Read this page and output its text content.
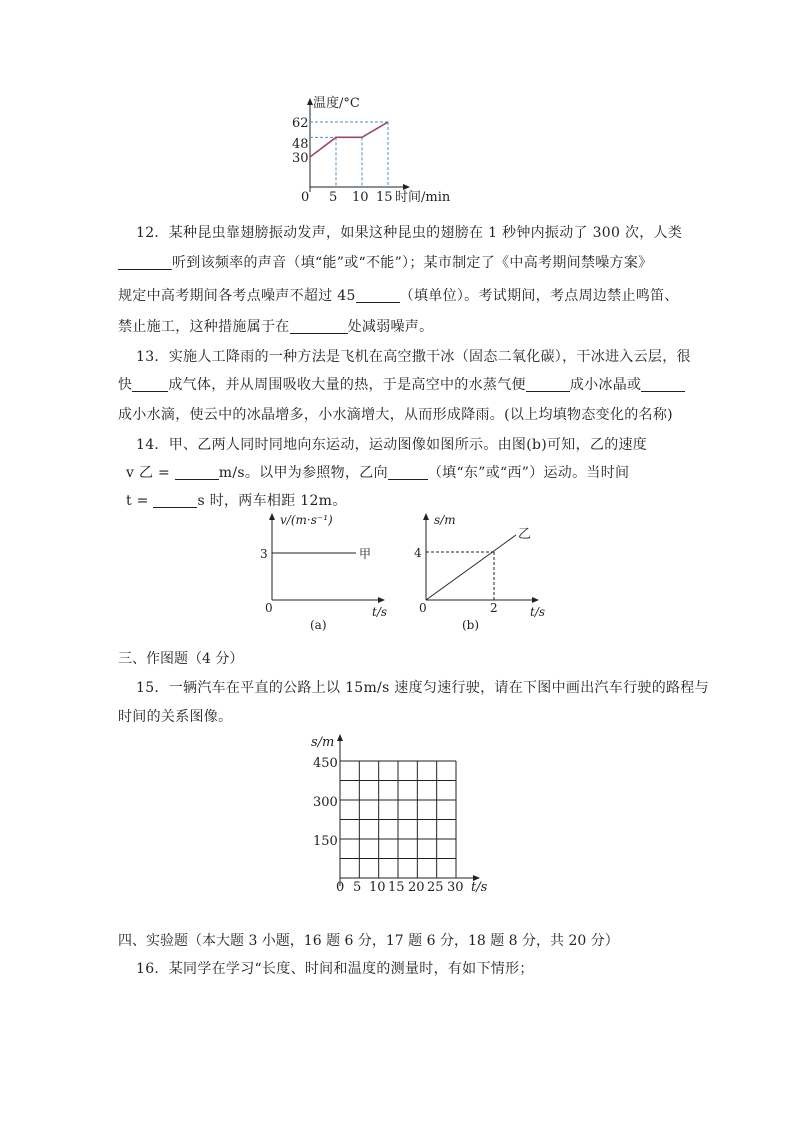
温度/°C
时间/min
62
48
30
0 5 10 15
12．某种昆虫靠翅膀振动发声，如果这种昆虫的翅膀在 1 秒钟内振动了 300 次，人类
听到该频率的声音（填“能”或“不能”）；某市制定了《中高考期间禁噪方案》
规定中高考期间各考点噪声不超过 45	（填单位）。考试期间，考点周边禁止鸣笛、
禁止施工，这种措施属于在	处减弱噪声。
13．实施人工降雨的一种方法是飞机在高空撒干冰（固态二氧化碳），干冰进入云层，很
快	成气体，并从周围吸收大量的热，于是高空中的水蒸气便	成小冰晶或
成小水滴，使云中的冰晶增多，小水滴增大，从而形成降雨。(以上均填物态变化的名称)
14．甲、乙两人同时同地向东运动，运动图像如图所示。由图(b)可知，乙的速度
v 乙 =	m/s。以甲为参照物，乙向	（填“东”或“西”）运动。当时间
t =	s 时，两车相距 12m。
v/(m·s⁻¹)
t/s
0
3	甲
(a)
s/m
t/s
0
4
2
乙
(b)
三、作图题（4 分）
15．一辆汽车在平直的公路上以 15m/s 速度匀速行驶，请在下图中画出汽车行驶的路程与
时间的关系图像。
s/m
t/s
450
300
150
0 5 10 15 20 25 30
四、实验题（本大题 3 小题，16 题 6 分，17 题 6 分，18 题 8 分，共 20 分）
16．某同学在学习“长度、时间和温度的测量时，有如下情形；
